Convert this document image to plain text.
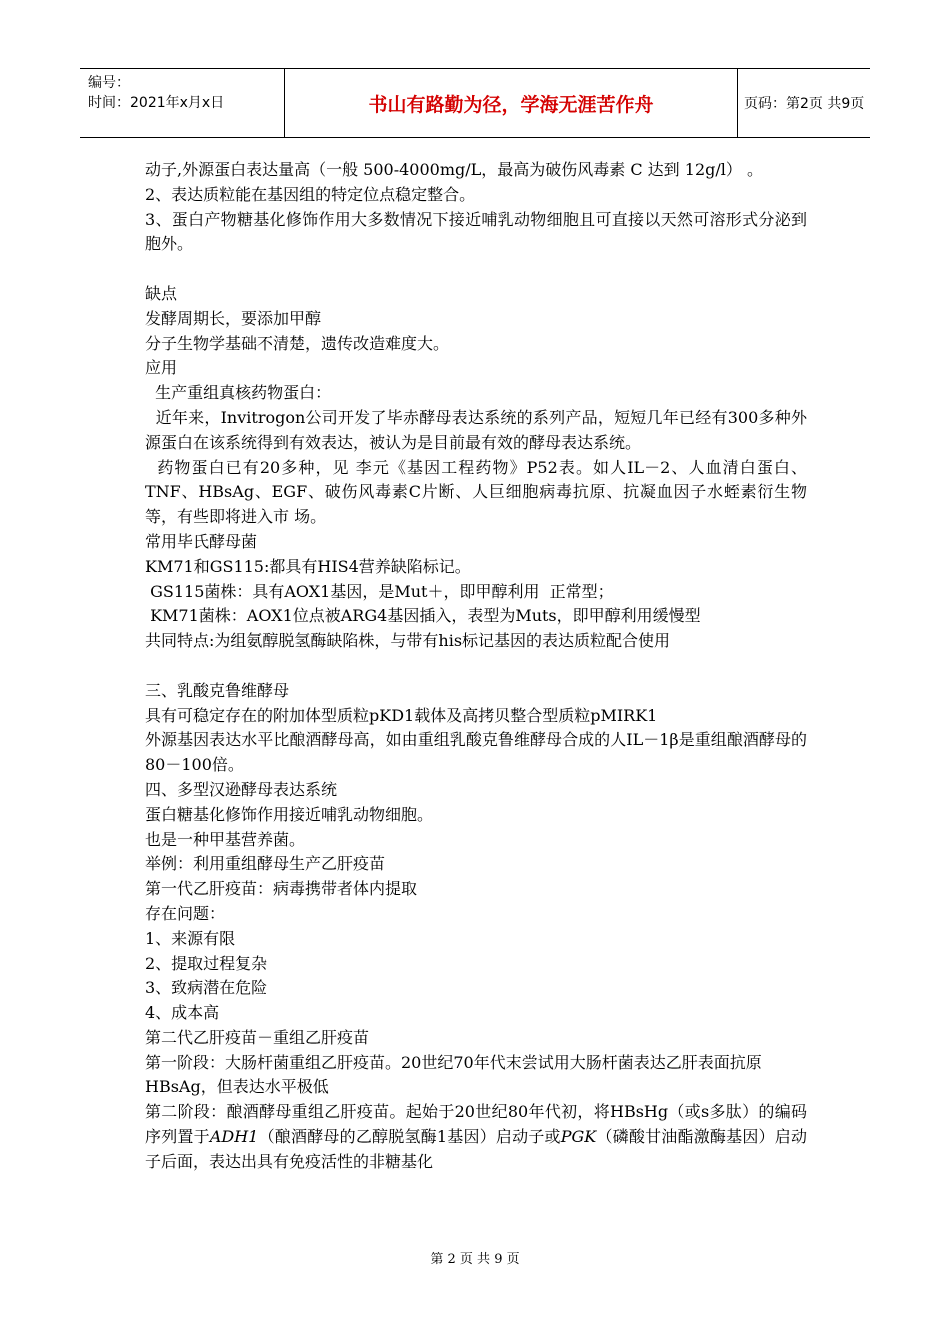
编号：
时间：2021年x月x日	书山有路勤为径，学海无涯苦作舟	页码：第2页 共9页

动子,外源蛋白表达量高（一般 500-4000mg/L，最高为破伤风毒素 C 达到 12g/l） 。

2、表达质粒能在基因组的特定位点稳定整合。

3、蛋白产物糖基化修饰作用大多数情况下接近哺乳动物细胞且可直接以天然可溶形式分泌到胞外。

缺点

发酵周期长，要添加甲醇

分子生物学基础不清楚，遗传改造难度大。

应用

生产重组真核药物蛋白：

近年来，Invitrogon公司开发了毕赤酵母表达系统的系列产品，短短几年已经有300多种外源蛋白在该系统得到有效表达，被认为是目前最有效的酵母表达系统。

药物蛋白已有20多种，见 李元《基因工程药物》P52表。如人IL－2、人血清白蛋白、TNF、HBsAg、EGF、破伤风毒素C片断、人巨细胞病毒抗原、抗凝血因子水蛭素衍生物等，有些即将进入市 场。

常用毕氏酵母菌

KM71和GS115:都具有HIS4营养缺陷标记。

GS115菌株：具有AOX1基因，是Mut＋，即甲醇利用  正常型；

KM71菌株：AOX1位点被ARG4基因插入，表型为Muts，即甲醇利用缓慢型

共同特点:为组氨醇脱氢酶缺陷株，与带有his标记基因的表达质粒配合使用

三、乳酸克鲁维酵母

具有可稳定存在的附加体型质粒pKD1载体及高拷贝整合型质粒pMIRK1

外源基因表达水平比酿酒酵母高，如由重组乳酸克鲁维酵母合成的人IL－1β是重组酿酒酵母的80－100倍。

四、多型汉逊酵母表达系统

蛋白糖基化修饰作用接近哺乳动物细胞。

也是一种甲基营养菌。

举例：利用重组酵母生产乙肝疫苗

第一代乙肝疫苗：病毒携带者体内提取

存在问题：

1、来源有限

2、提取过程复杂

3、致病潜在危险

4、成本高

第二代乙肝疫苗－重组乙肝疫苗

第一阶段：大肠杆菌重组乙肝疫苗。20世纪70年代末尝试用大肠杆菌表达乙肝表面抗原HBsAg，但表达水平极低

第二阶段：酿酒酵母重组乙肝疫苗。起始于20世纪80年代初，将HBsHg（或s多肽）的编码序列置于ADH1（酿酒酵母的乙醇脱氢酶1基因）启动子或PGK（磷酸甘油酯激酶基因）启动子后面，表达出具有免疫活性的非糖基化

第 2 页 共 9 页
